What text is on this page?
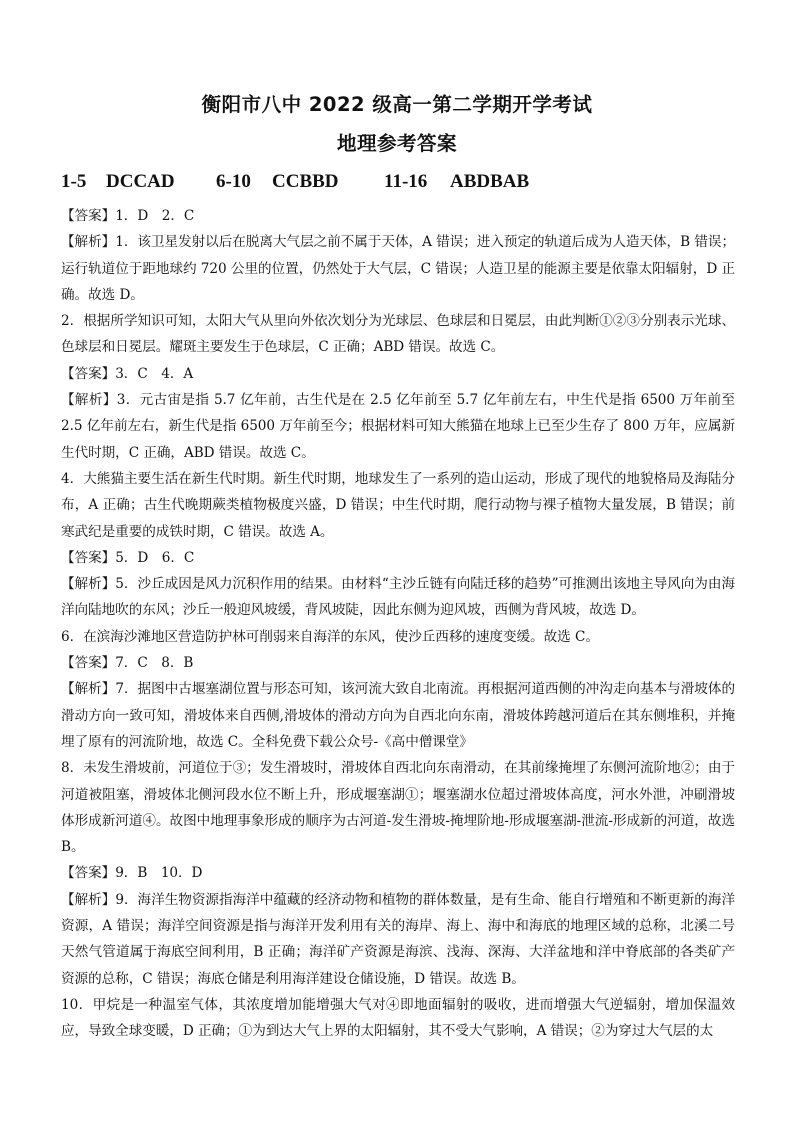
衡阳市八中 2022 级高一第二学期开学考试
地理参考答案
1-5 DCCAD 6-10 CCBBD 11-16 ABDBAB

【答案】1．D　2．C

【解析】1．该卫星发射以后在脱离大气层之前不属于天体，A 错误；进入预定的轨道后成为人造天体，B 错误；运行轨道位于距地球约 720 公里的位置，仍然处于大气层，C 错误；人造卫星的能源主要是依靠太阳辐射，D 正确。故选 D。

2．根据所学知识可知，太阳大气从里向外依次划分为光球层、色球层和日冕层，由此判断①②③分别表示光球、色球层和日冕层。耀斑主要发生于色球层，C 正确；ABD 错误。故选 C。

【答案】3．C　4．A

【解析】3．元古宙是指 5.7 亿年前，古生代是在 2.5 亿年前至 5.7 亿年前左右，中生代是指 6500 万年前至 2.5 亿年前左右，新生代是指 6500 万年前至今；根据材料可知大熊猫在地球上已至少生存了 800 万年，应属新生代时期，C 正确，ABD 错误。故选 C。

4．大熊猫主要生活在新生代时期。新生代时期，地球发生了一系列的造山运动，形成了现代的地貌格局及海陆分布，A 正确；古生代晚期蕨类植物极度兴盛，D 错误；中生代时期，爬行动物与裸子植物大量发展，B 错误；前寒武纪是重要的成铁时期，C 错误。故选 A。

【答案】5．D　6．C

【解析】5．沙丘成因是风力沉积作用的结果。由材料“主沙丘链有向陆迁移的趋势”可推测出该地主导风向为由海洋向陆地吹的东风；沙丘一般迎风坡缓，背风坡陡，因此东侧为迎风坡，西侧为背风坡，故选 D。

6．在滨海沙滩地区营造防护林可削弱来自海洋的东风，使沙丘西移的速度变缓。故选 C。

【答案】7．C　8．B

【解析】7．据图中古堰塞湖位置与形态可知，该河流大致自北南流。再根据河道西侧的冲沟走向基本与滑坡体的滑动方向一致可知，滑坡体来自西侧,滑坡体的滑动方向为自西北向东南，滑坡体跨越河道后在其东侧堆积，并掩埋了原有的河流阶地，故选 C。全科免费下载公众号-《高中僧课堂》

8．未发生滑坡前，河道位于③；发生滑坡时，滑坡体自西北向东南滑动，在其前缘掩埋了东侧河流阶地②；由于河道被阻塞，滑坡体北侧河段水位不断上升，形成堰塞湖①；堰塞湖水位超过滑坡体高度，河水外泄，冲刷滑坡体形成新河道④。故图中地理事象形成的顺序为古河道-发生滑坡-掩埋阶地-形成堰塞湖-泄流-形成新的河道，故选 B。

【答案】9．B　10．D

【解析】9．海洋生物资源指海洋中蕴藏的经济动物和植物的群体数量，是有生命、能自行增殖和不断更新的海洋资源，A 错误；海洋空间资源是指与海洋开发利用有关的海岸、海上、海中和海底的地理区域的总称，北溪二号天然气管道属于海底空间利用，B 正确；海洋矿产资源是海滨、浅海、深海、大洋盆地和洋中脊底部的各类矿产资源的总称，C 错误；海底仓储是利用海洋建设仓储设施，D 错误。故选 B。

10．甲烷是一种温室气体，其浓度增加能增强大气对④即地面辐射的吸收，进而增强大气逆辐射，增加保温效应，导致全球变暖，D 正确；①为到达大气上界的太阳辐射，其不受大气影响，A 错误；②为穿过大气层的太
